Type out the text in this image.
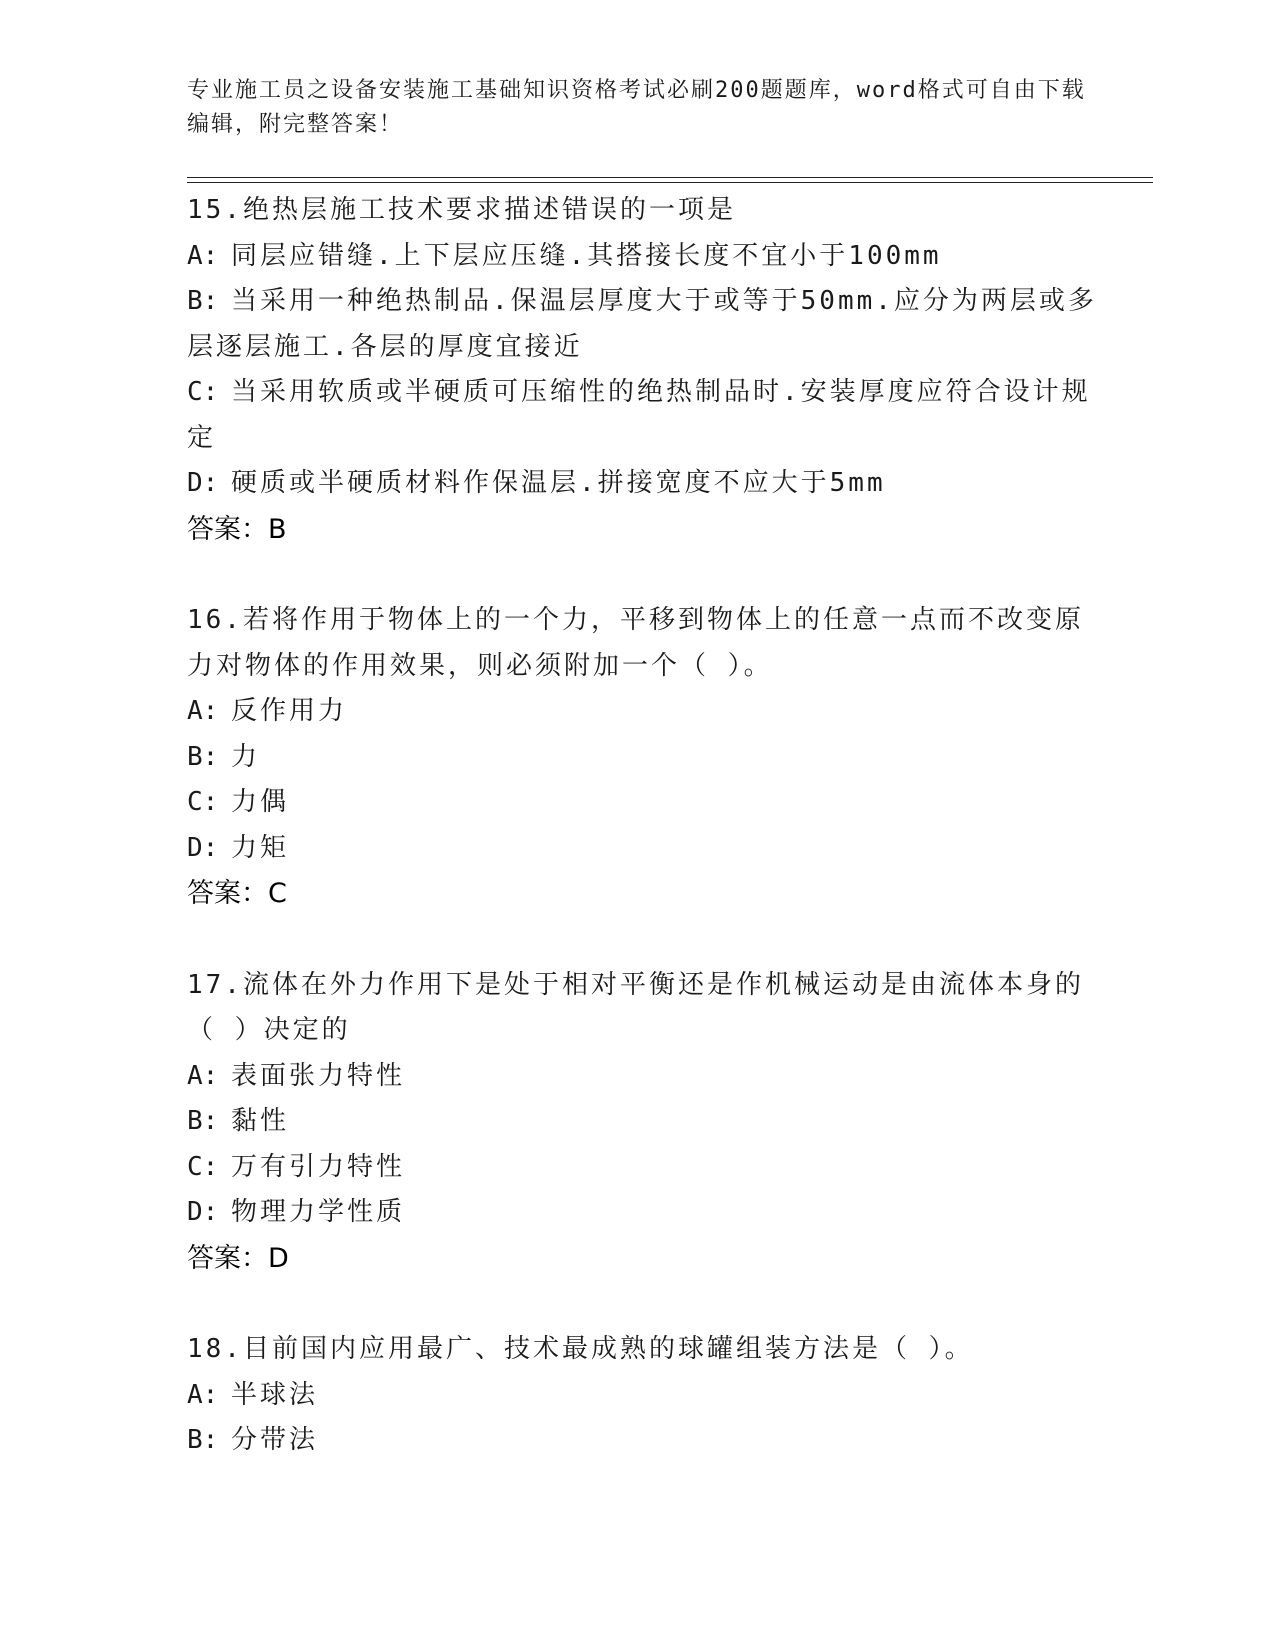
专业施工员之设备安装施工基础知识资格考试必刷200题题库，word格式可自由下载编辑，附完整答案！

15.绝热层施工技术要求描述错误的一项是

A: 同层应错缝.上下层应压缝.其搭接长度不宜小于100mm

B: 当采用一种绝热制品.保温层厚度大于或等于50mm.应分为两层或多层逐层施工.各层的厚度宜接近

C: 当采用软质或半硬质可压缩性的绝热制品时.安装厚度应符合设计规定

D: 硬质或半硬质材料作保温层.拼接宽度不应大于5mm

答案：B

16.若将作用于物体上的一个力，平移到物体上的任意一点而不改变原力对物体的作用效果，则必须附加一个（ ）。

A: 反作用力

B: 力

C: 力偶

D: 力矩

答案：C

17.流体在外力作用下是处于相对平衡还是作机械运动是由流体本身的（ ）决定的

A: 表面张力特性

B: 黏性

C: 万有引力特性

D: 物理力学性质

答案：D

18.目前国内应用最广、技术最成熟的球罐组装方法是（ ）。

A: 半球法

B: 分带法
